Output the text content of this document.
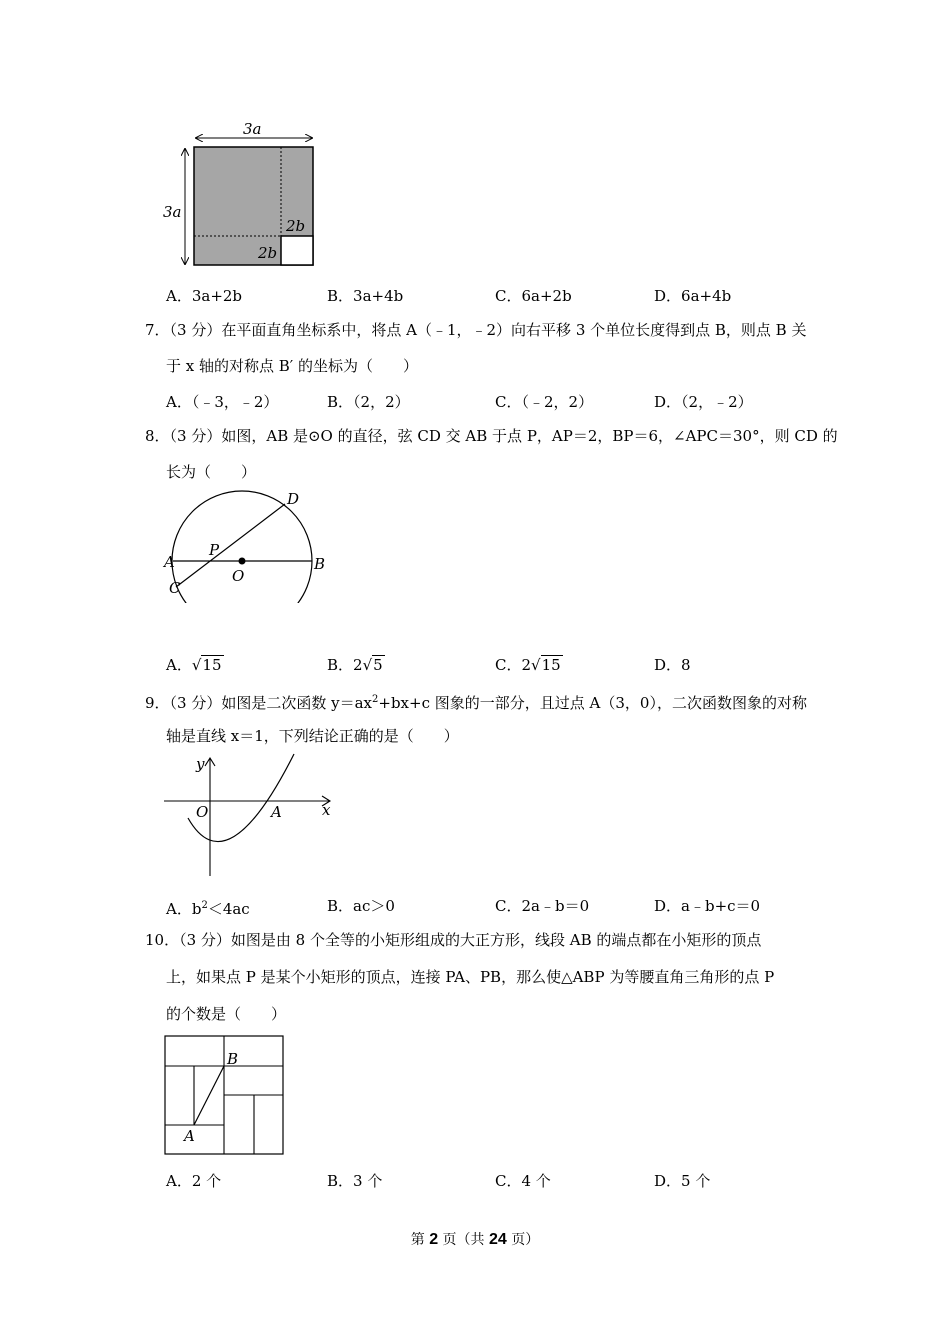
3a
3a
2b
2b
A．3a+2b	B．3a+4b	C．6a+2b	D．6a+4b
7．（3 分）在平面直角坐标系中，将点 A（﹣1，﹣2）向右平移 3 个单位长度得到点 B，则点 B 关
于 x 轴的对称点 B′ 的坐标为（　　）
A．（﹣3，﹣2）	B．（2，2）	C．（﹣2，2）	D．（2，﹣2）
8．（3 分）如图，AB 是⊙O 的直径，弦 CD 交 AB 于点 P，AP＝2，BP＝6，∠APC＝30°，则 CD 的
长为（　　）
A	B
C
D
P
O
A．√15	B．2√5	C．2√15	D．8
9．（3 分）如图是二次函数 $y=ax^2+bx+c$ 图象的一部分，且过点 A（3，0），二次函数图象的对称
轴是直线 x＝1，下列结论正确的是（　　）
y
x
O	A
A．$b^2<4ac$	B．ac＞0	C．2a﹣b＝0	D．a﹣b+c＝0
10．（3 分）如图是由 8 个全等的小矩形组成的大正方形，线段 AB 的端点都在小矩形的顶点
上，如果点 P 是某个小矩形的顶点，连接 PA、PB，那么使△ABP 为等腰直角三角形的点 P
的个数是（　　）
B
A
A．2 个	B．3 个	C．4 个	D．5 个
第 2 页（共 24 页）
